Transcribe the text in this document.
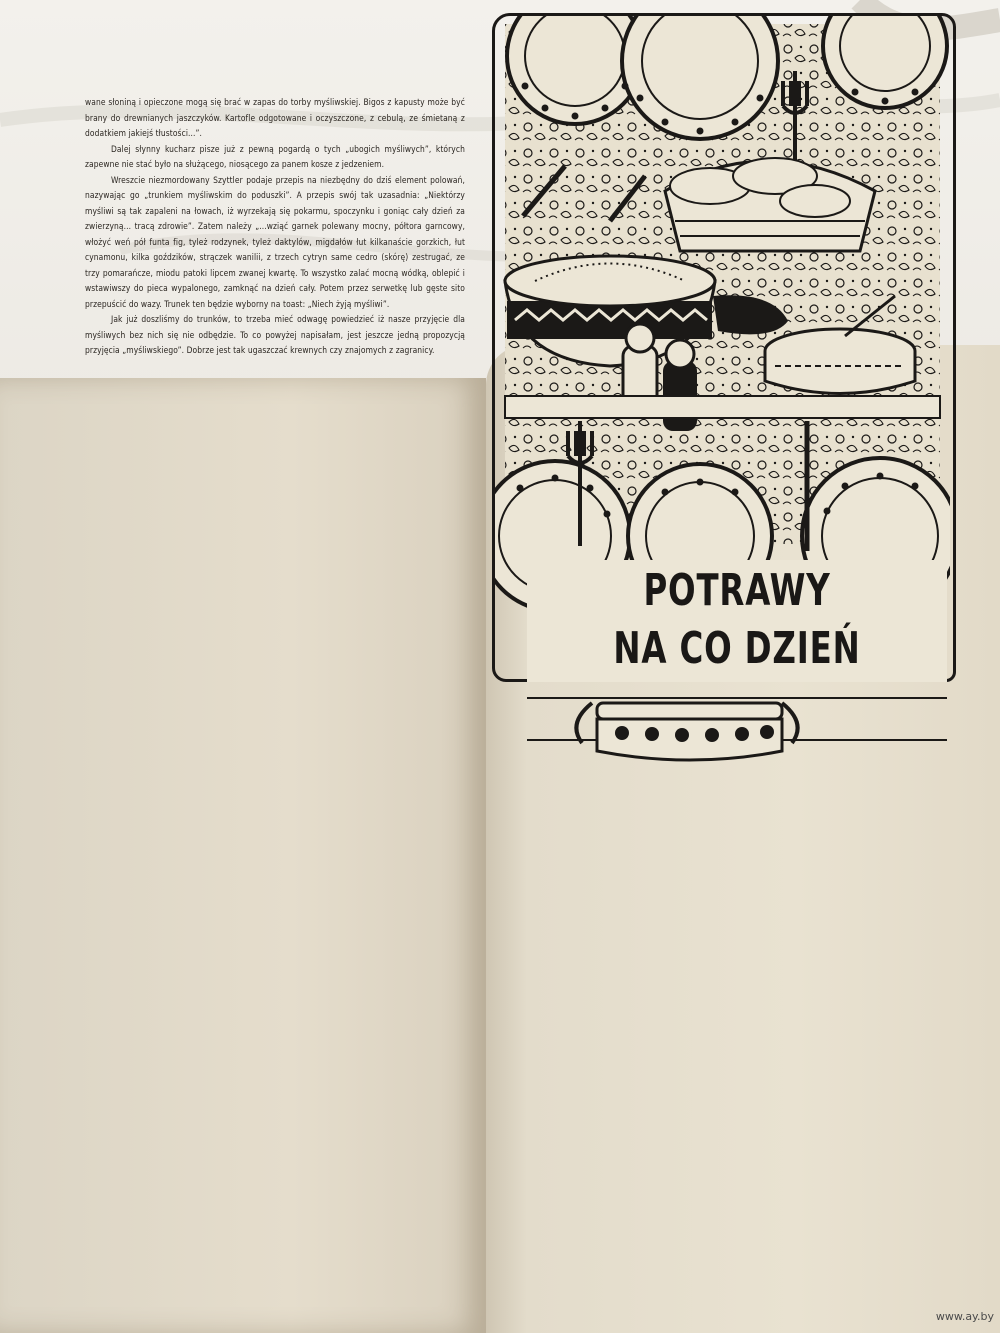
wane słoniną i opieczone mogą się brać w zapas do torby myśliwskiej. Bigos z kapusty może być brany do drewnianych jaszczyków. Kartofle odgotowane i oczyszczone, z cebulą, ze śmietaną z dodatkiem jakiejś tłustości...”.

Dalej słynny kucharz pisze już z pewną pogardą o tych „ubogich myśliwych”, których zapewne nie stać było na służącego, niosącego za panem kosze z jedzeniem.

Wreszcie niezmordowany Szyttler podaje przepis na niezbędny do dziś element polowań, nazywając go „trunkiem myśliwskim do poduszki”. A przepis swój tak uzasadnia: „Niektórzy myśliwi są tak zapaleni na łowach, iż wyrzekają się pokarmu, spoczynku i goniąc cały dzień za zwierzyną... tracą zdrowie”. Zatem należy „...wziąć garnek polewany mocny, półtora garncowy, włożyć weń pół funta fig, tyleż rodzynek, tyleż daktylów, migdałów łut kilkanaście gorzkich, łut cynamonu, kilka goździków, strączek wanilii, z trzech cytryn same cedro (skórę) zestrugać, ze trzy pomarańcze, miodu patoki lipcem zwanej kwartę. To wszystko zalać mocną wódką, oblepić i wstawiwszy do pieca wypalonego, zamknąć na dzień cały. Potem przez serwetkę lub gęste sito przepuścić do wazy. Trunek ten będzie wyborny na toast: „Niech żyją myśliwi”.

Jak już doszliśmy do trunków, to trzeba mieć odwagę powiedzieć iż nasze przyjęcie dla myśliwych bez nich się nie odbędzie. To co powyżej napisałam, jest jeszcze jedną propozycją przyjęcia „myśliwskiego”. Dobrze jest tak ugaszczać krewnych czy znajomych z zagranicy.

POTRAWY
NA CO DZIEŃ
www.ay.by
